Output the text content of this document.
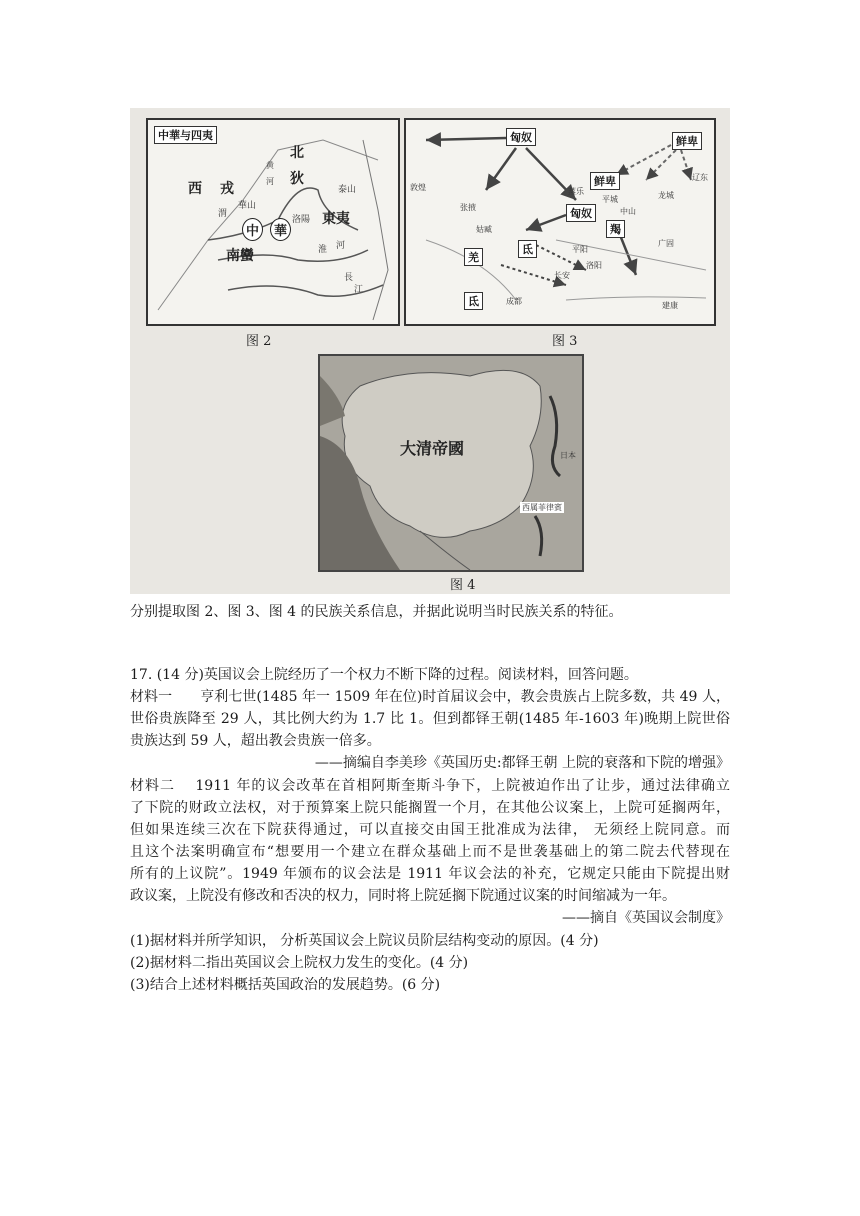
中華与四夷
北
狄
西 戎
東夷
南蠻
中	華
黄
河
泰山
渭
華山
洛陽
淮 河
長
江
图 2
匈奴	鲜卑
鲜卑
匈奴
羯
羌
氐
氐
敦煌
张掖
姑臧
蒸乐
平城	龙城
辽东
中山
长安
洛阳
成都
广固
建康
平阳
图 3
大清帝國	日本
西属菲律賓
图 4
分别提取图 2、图 3、图 4 的民族关系信息，并据此说明当时民族关系的特征。
17. (14 分)英国议会上院经历了一个权力不断下降的过程。阅读材料，回答问题。
材料一　　亨利七世(1485 年一 1509 年在位)时首届议会中，教会贵族占上院多数，共 49 人，
世俗贵族降至 29 人，其比例大约为 1.7 比 1。但到都铎王朝(1485 年-1603 年)晚期上院世俗
贵族达到 59 人，超出教会贵族一倍多。
——摘编自李美珍《英国历史:都铎王朝 上院的衰落和下院的增强》
材料二　 1911 年的议会改革在首相阿斯奎斯斗争下，上院被迫作出了让步，通过法律确立
了下院的财政立法权，对于预算案上院只能搁置一个月，在其他公议案上，上院可延搁两年，
但如果连续三次在下院获得通过，可以直接交由国王批准成为法律， 无须经上院同意。而
且这个法案明确宣布“想要用一个建立在群众基础上而不是世袭基础上的第二院去代替现在
所有的上议院”。1949 年颁布的议会法是 1911 年议会法的补充，它规定只能由下院提出财
政议案，上院没有修改和否决的权力，同时将上院延搁下院通过议案的时间缩减为一年。
——摘自《英国议会制度》
(1)据材料并所学知识， 分析英国议会上院议员阶层结构变动的原因。(4 分)
(2)据材料二指出英国议会上院权力发生的变化。(4 分)
(3)结合上述材料概括英国政治的发展趋势。(6 分)
